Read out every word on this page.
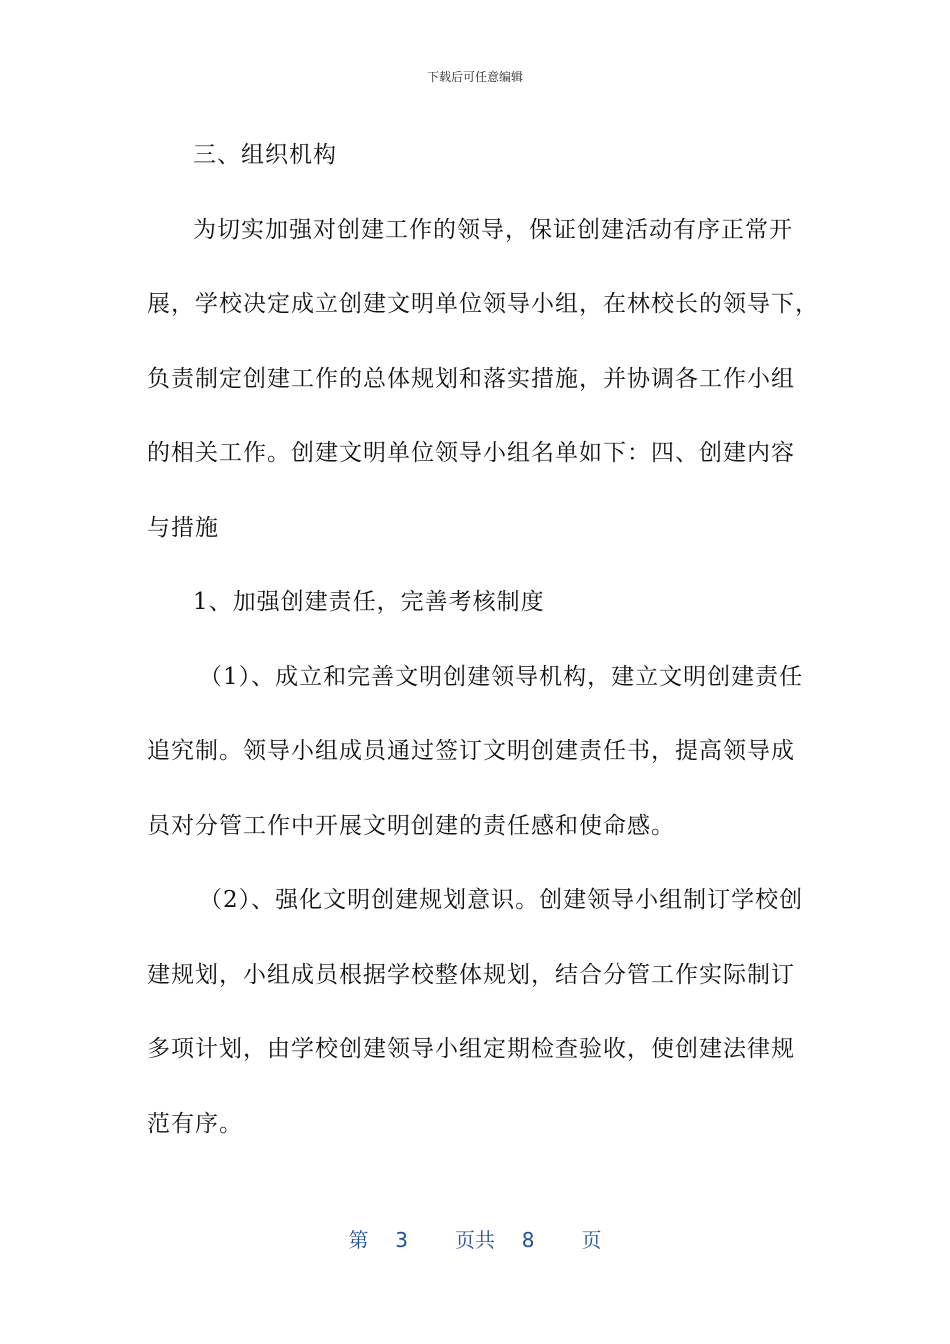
下载后可任意编辑
三、组织机构
为切实加强对创建工作的领导，保证创建活动有序正常开
展，学校决定成立创建文明单位领导小组，在林校长的领导下，
负责制定创建工作的总体规划和落实措施，并协调各工作小组
的相关工作。创建文明单位领导小组名单如下：四、创建内容
与措施
1、加强创建责任，完善考核制度
（1）、成立和完善文明创建领导机构，建立文明创建责任
追究制。领导小组成员通过签订文明创建责任书，提高领导成
员对分管工作中开展文明创建的责任感和使命感。
（2）、强化文明创建规划意识。创建领导小组制订学校创
建规划，小组成员根据学校整体规划，结合分管工作实际制订
多项计划，由学校创建领导小组定期检查验收，使创建法律规
范有序。
第 3 页共 8 页
